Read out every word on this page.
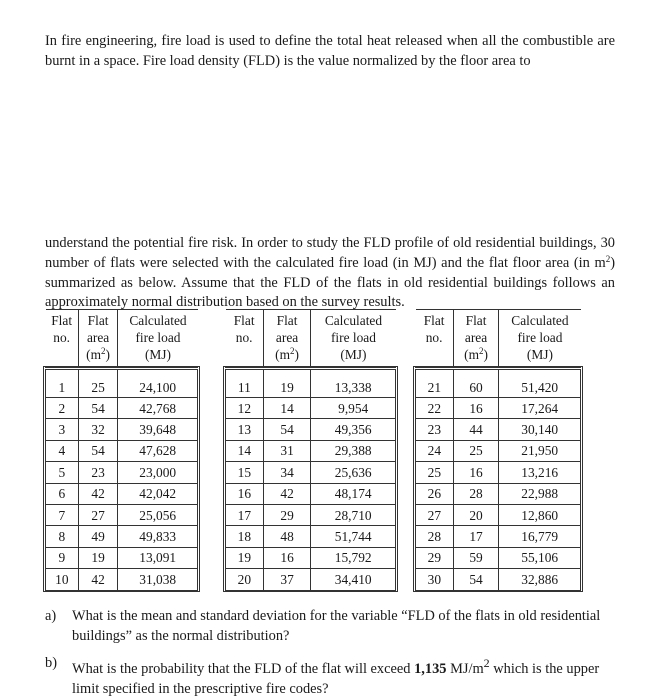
In fire engineering, fire load is used to define the total heat released when all the combustible are burnt in a space. Fire load density (FLD) is the value normalized by the floor area to

understand the potential fire risk. In order to study the FLD profile of old residential buildings, 30 number of flats were selected with the calculated fire load (in MJ) and the flat floor area (in $m^2$) summarized as below. Assume that the FLD of the flats in old residential buildings follows an approximately normal distribution based on the survey results.

Flat
no.	Flat
area
$(m^2)$	Calculated
fire load
(MJ)
1	25	24,100
2	54	42,768
3	32	39,648
4	54	47,628
5	23	23,000
6	42	42,042
7	27	25,056
8	49	49,833
9	19	13,091
10	42	31,038
Flat
no.	Flat
area
$(m^2)$	Calculated
fire load
(MJ)
11	19	13,338
12	14	9,954
13	54	49,356
14	31	29,388
15	34	25,636
16	42	48,174
17	29	28,710
18	48	51,744
19	16	15,792
20	37	34,410
Flat
no.	Flat
area
$(m^2)$	Calculated
fire load
(MJ)
21	60	51,420
22	16	17,264
23	44	30,140
24	25	21,950
25	16	13,216
26	28	22,988
27	20	12,860
28	17	16,779
29	59	55,106
30	54	32,886
a) What is the mean and standard deviation for the variable “FLD of the flats in old residential buildings” as the normal distribution?
b) What is the probability that the FLD of the flat will exceed 1,135 $MJ/m^2$ which is the upper limit specified in the prescriptive fire codes?
